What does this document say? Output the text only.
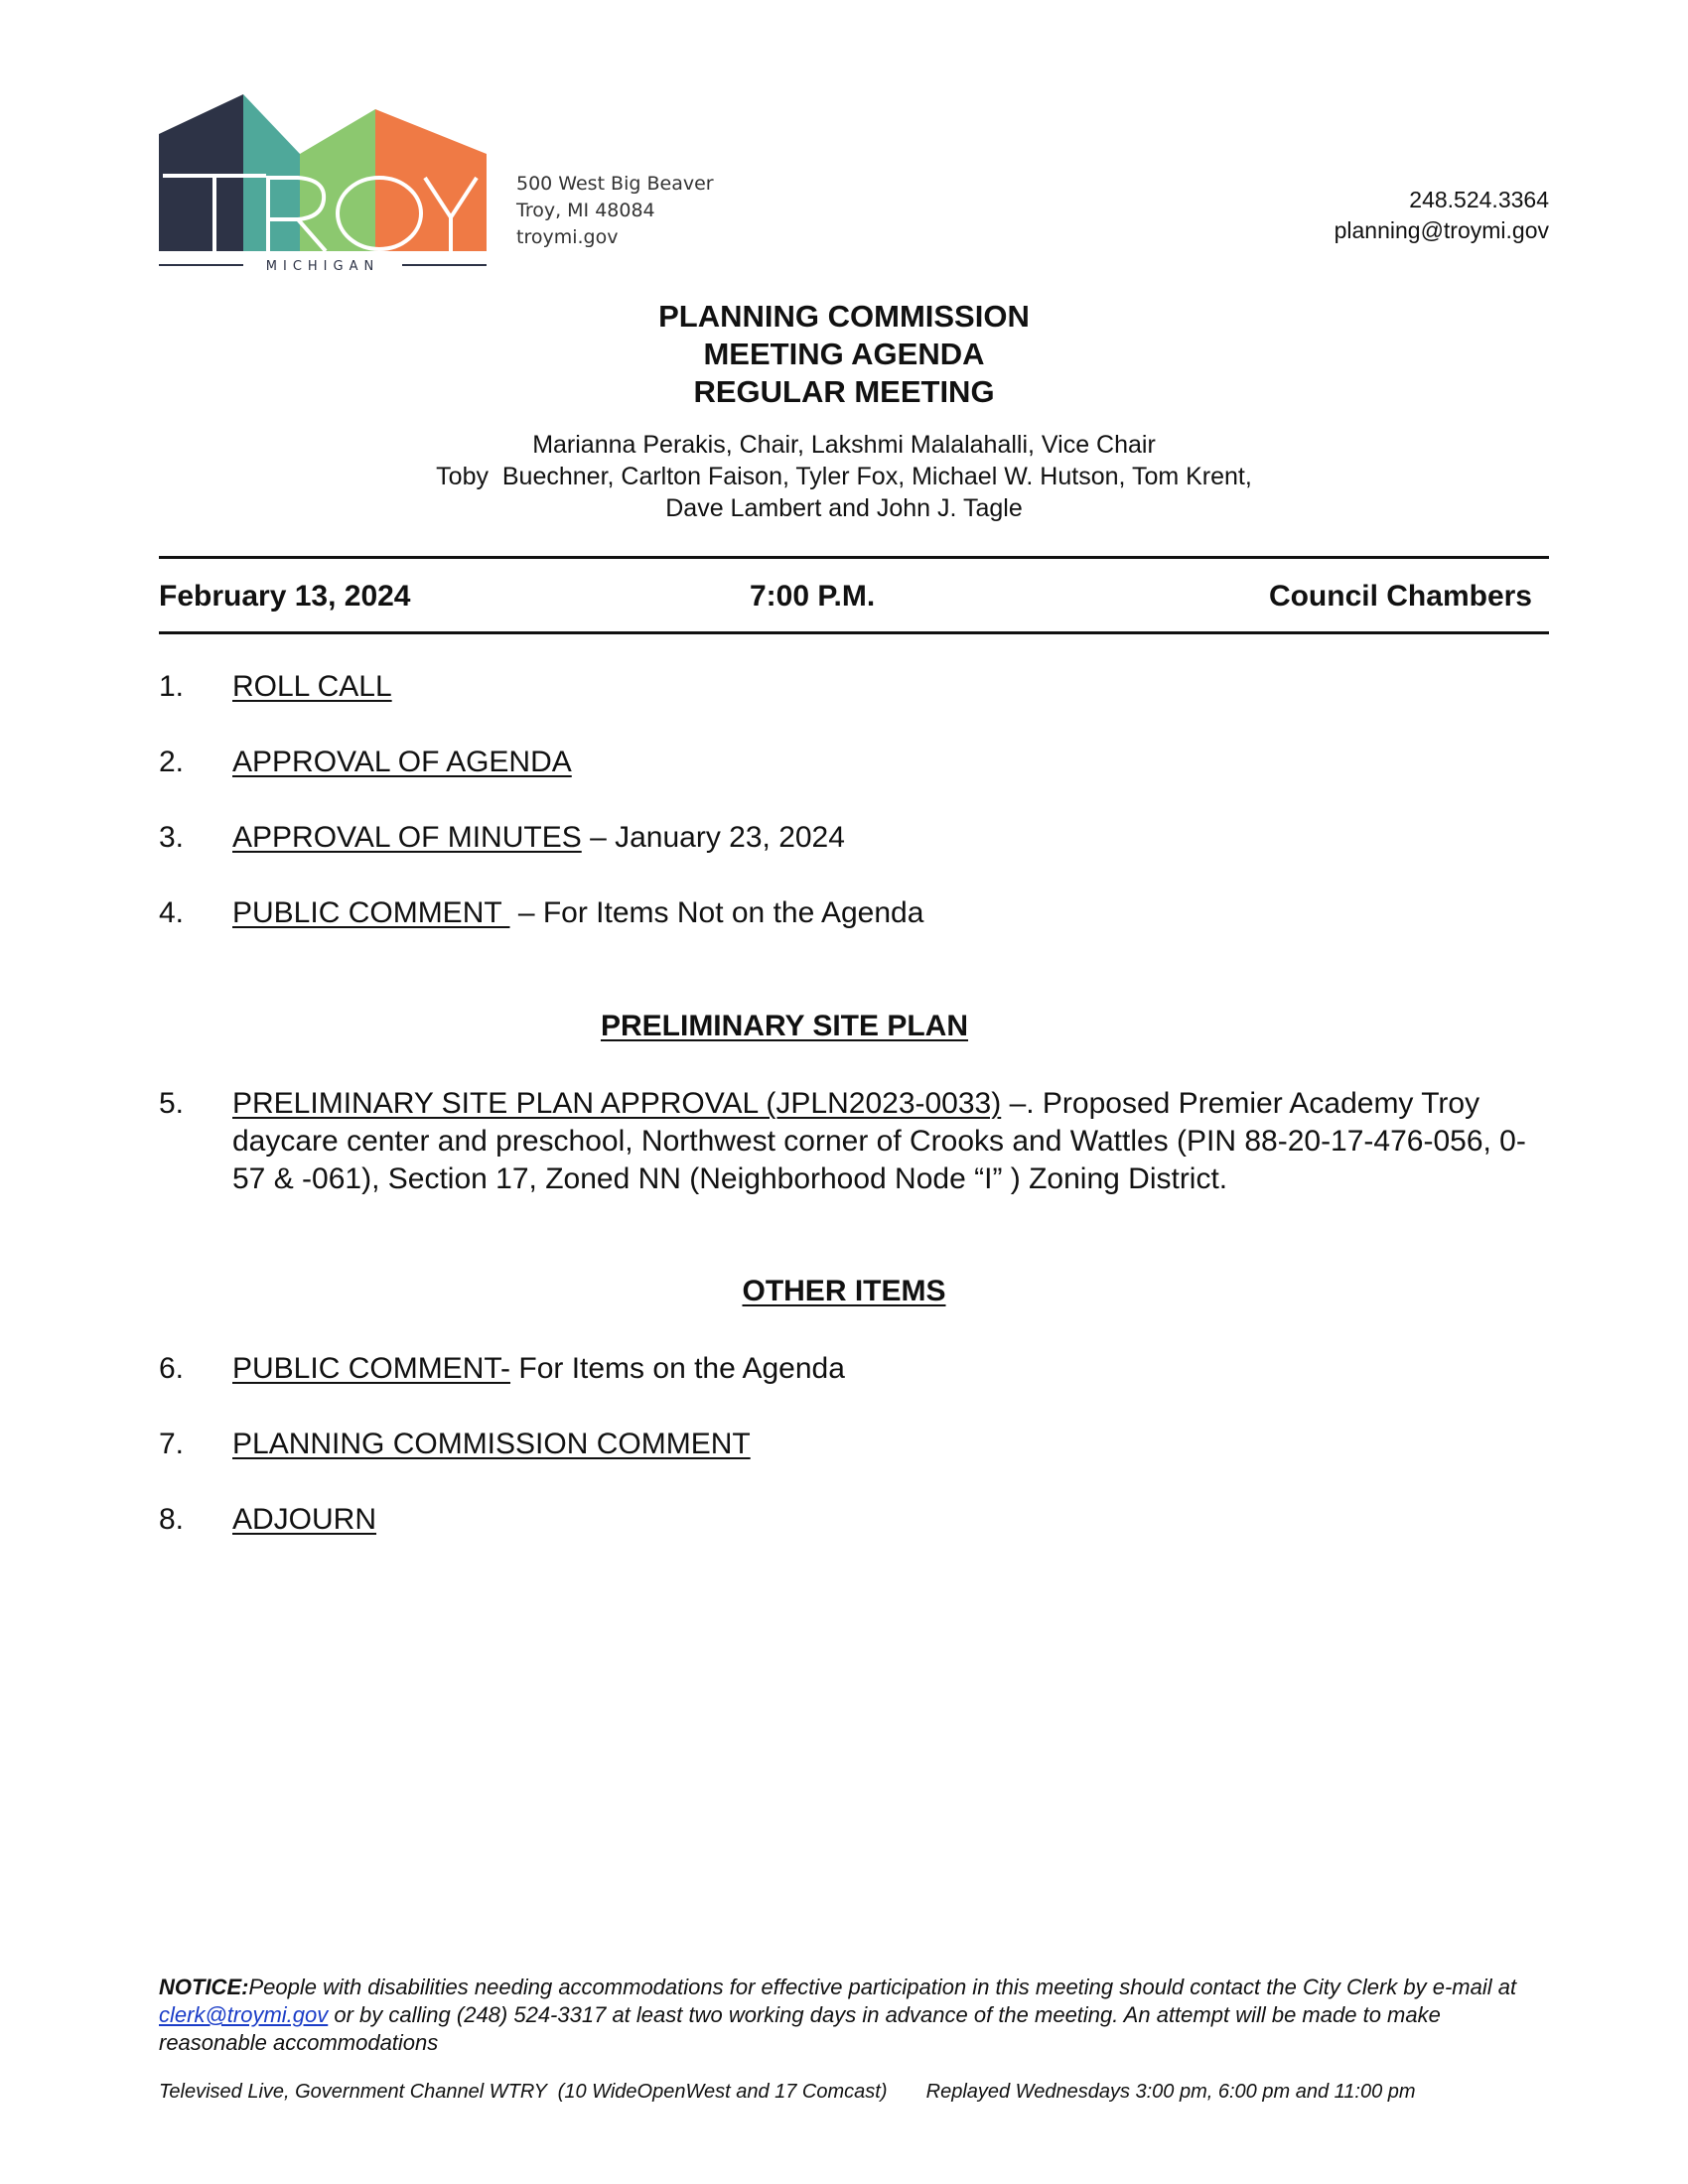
MICHIGAN
500 West Big Beaver
Troy, MI 48084
troymi.gov
248.524.3364
planning@troymi.gov
PLANNING COMMISSION
MEETING AGENDA
REGULAR MEETING
Marianna Perakis, Chair, Lakshmi Malalahalli, Vice Chair
Toby  Buechner, Carlton Faison, Tyler Fox, Michael W. Hutson, Tom Krent,
Dave Lambert and John J. Tagle
February 13, 2024	7:00 P.M.	Council Chambers
1. ROLL CALL
2. APPROVAL OF AGENDA
3. APPROVAL OF MINUTES – January 23, 2024
4. PUBLIC COMMENT  – For Items Not on the Agenda
PRELIMINARY SITE PLAN
5. PRELIMINARY SITE PLAN APPROVAL (JPLN2023-0033) –. Proposed Premier Academy Troy daycare center and preschool, Northwest corner of Crooks and Wattles (PIN 88-20-17-476-056, 0-57 & -061), Section 17, Zoned NN (Neighborhood Node “I” ) Zoning District.
OTHER ITEMS
6. PUBLIC COMMENT- For Items on the Agenda
7. PLANNING COMMISSION COMMENT
8. ADJOURN
NOTICE:People with disabilities needing accommodations for effective participation in this meeting should contact the City Clerk by e-mail at clerk@troymi.gov or by calling (248) 524-3317 at least two working days in advance of the meeting. An attempt will be made to make reasonable accommodations
Televised Live, Government Channel WTRY  (10 WideOpenWest and 17 Comcast) Replayed Wednesdays 3:00 pm, 6:00 pm and 11:00 pm
